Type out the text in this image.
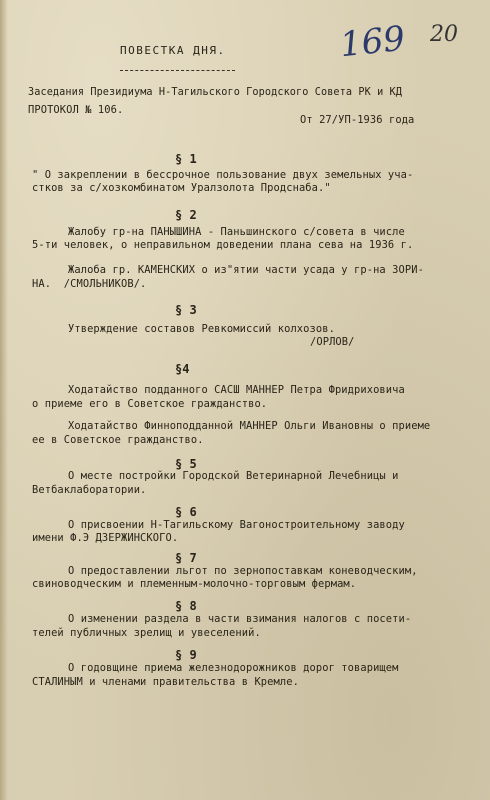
169 20
ПОВЕСТКА ДНЯ.
Заседания Президиума Н-Тагильского Городского Совета РК и КД
ПРОТОКОЛ № 106.
От 27/УП-1936 года
§ 1
" О закреплении в бессрочное пользование двух земельных уча-
стков за с/хозкомбинатом Уралзолота Продснаба."
§ 2
Жалобу гр-на ПАНЫШИНА - Паньшинского с/совета в числе
5-ти человек, о неправильном доведении плана сева на 1936 г.
Жалоба гр. КАМЕНСКИХ о из"ятии части усада у гр-на ЗОРИ-
НА.  /СМОЛЬНИКОВ/.
§ 3
Утверждение составов Ревкомиссий колхозов.
/ОРЛОВ/
§4
Ходатайство подданного САСШ МАННЕР Петра Фридриховича
о приеме его в Советское гражданство.
Ходатайство Финноподданной МАННЕР Ольги Ивановны о приеме
ее в Советское гражданство.
§ 5
О месте постройки Городской Ветеринарной Лечебницы и
Ветбаклаборатории.
§ 6
О присвоении Н-Тагильскому Вагоностроительному заводу
имени Ф.Э ДЗЕРЖИНСКОГО.
§ 7
О предоставлении льгот по зернопоставкам коневодческим,
свиноводческим и племенным-молочно-торговым фермам.
§ 8
О изменении раздела в части взимания налогов с посети-
телей публичных зрелищ и увеселений.
§ 9
О годовщине приема железнодорожников дорог товарищем
СТАЛИНЫМ и членами правительства в Кремле.
